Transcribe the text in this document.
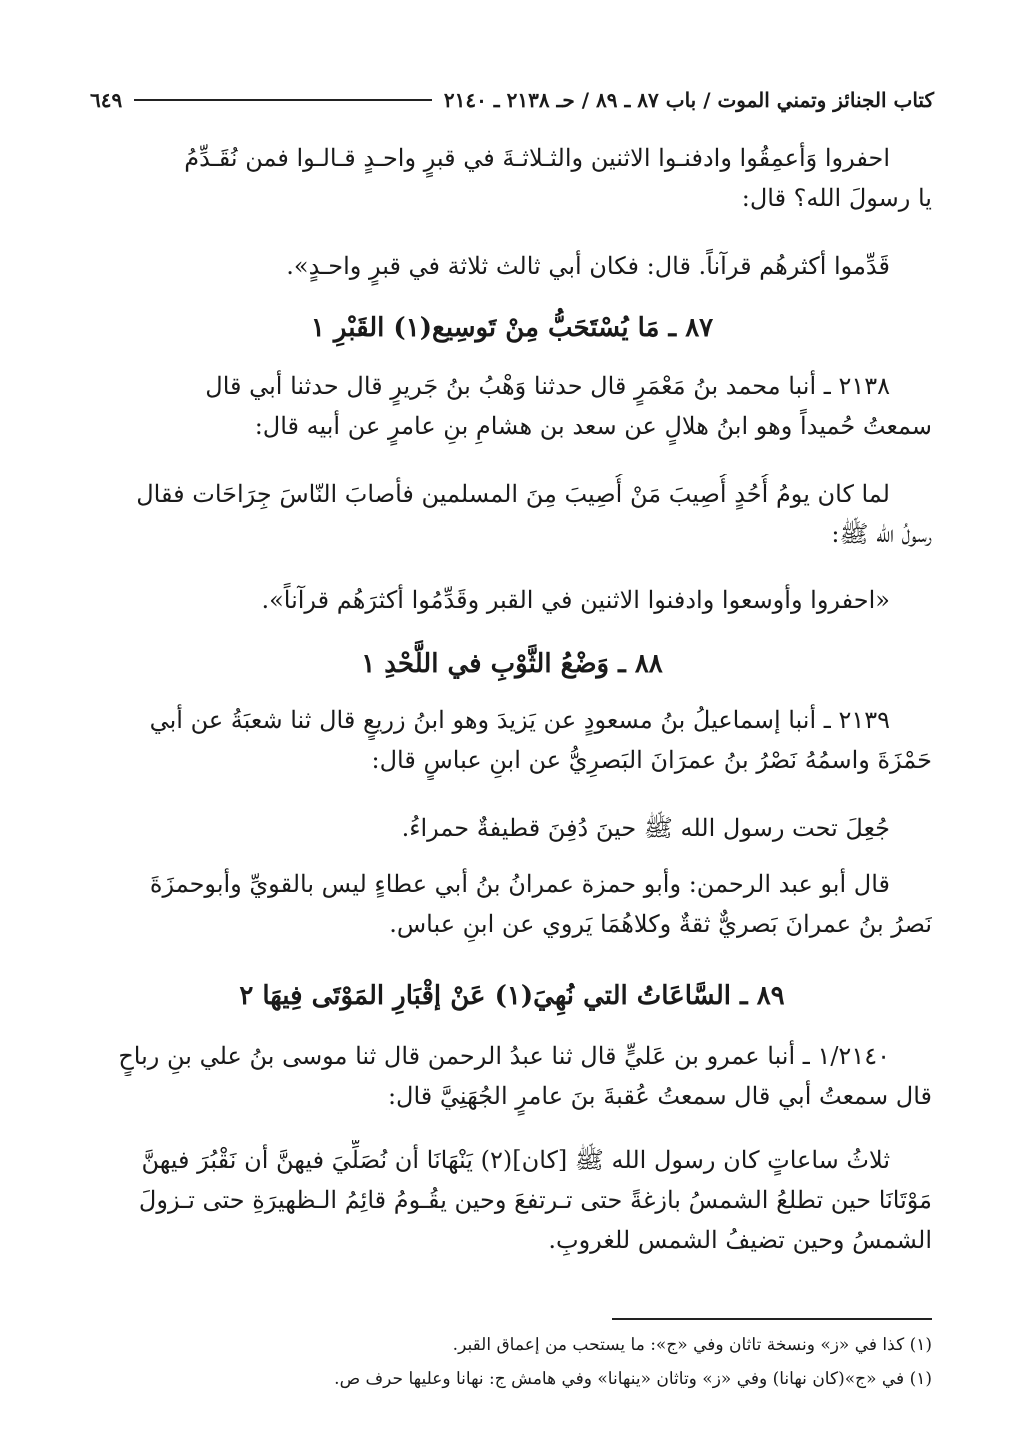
كتاب الجنائز وتمني الموت / باب ٨٧ ـ ٨٩ / حـ ٢١٣٨ ـ ٢١٤٠
٦٤٩
احفروا وَأعمِقُوا وادفنـوا الاثنين والثـلاثـةَ في قبرٍ واحـدٍ قـالـوا فمن نُقَـدِّمُ
يا رسولَ الله؟ قال:
قَدِّموا أكثرهُم قرآناً. قال: فكان أبي ثالث ثلاثة في قبرٍ واحـدٍ».
٨٧ ـ مَا يُسْتَحَبُّ مِنْ تَوسِيع(١) القَبْرِ ١
٢١٣٨ ـ أنبا محمد بنُ مَعْمَرٍ قال حدثنا وَهْبُ بنُ جَريرٍ قال حدثنا أبي قال
سمعتُ حُميداً وهو ابنُ هلالٍ عن سعد بن هشامِ بنِ عامرٍ عن أبيه قال:
لما كان يومُ أُحُدٍ أُصِيبَ مَنْ أُصِيبَ مِنَ المسلمين فأصابَ النّاسَ جِرَاحَات فقال
رسولُ الله ﷺ:
«احفروا وأوسعوا وادفنوا الاثنين في القبر وقَدِّمُوا أكثرَهُم قرآناً».
٨٨ ـ وَضْعُ الثَّوْبِ في اللَّحْدِ ١
٢١٣٩ ـ أنبا إسماعيلُ بنُ مسعودٍ عن يَزيدَ وهو ابنُ زريعٍ قال ثنا شعبَةُ عن أبي
حَمْزَةَ واسمُهُ نَصْرُ بنُ عمرَانَ البَصرِيُّ عن ابنِ عباسٍ قال:
جُعِلَ تحت رسول الله ﷺ حينَ دُفِنَ قطيفةٌ حمراءُ.
قال أبو عبد الرحمن: وأبو حمزة عمرانُ بنُ أبي عطاءٍ ليس بالقويِّ وأبوحمزَةَ
نَصرُ بنُ عمرانَ بَصريٌّ ثقةٌ وكلاهُمَا يَروي عن ابنِ عباس.
٨٩ ـ السَّاعَاتُ التي نُهِيَ(١) عَنْ إقْبَارِ المَوْتَى فِيهَا ٢
١/٢١٤٠ ـ أنبا عمرو بن عَليٍّ قال ثنا عبدُ الرحمن قال ثنا موسى بنُ علي بنِ رباحٍ
قال سمعتُ أبي قال سمعتُ عُقبةَ بنَ عامرٍ الجُهَنِيَّ قال:
ثلاثُ ساعاتٍ كان رسول الله ﷺ [كان](٢) يَنْهَانَا أن نُصَلِّيَ فيهنَّ أن نَقْبُرَ فيهنَّ
مَوْتَانَا حين تطلعُ الشمسُ بازغةً حتى تـرتفعَ وحين يقُـومُ قائِمُ الـظهيرَةِ حتى تـزولَ
الشمسُ وحين تضيفُ الشمس للغروبِ.
(١) كذا في «ز» ونسخة تاثان وفي «ج»: ما يستحب من إعماق القبر.
(١) في «ج»(كان نهانا) وفي «ز» وتاثان «ينهانا» وفي هامش ج: نهانا وعليها حرف ص.
